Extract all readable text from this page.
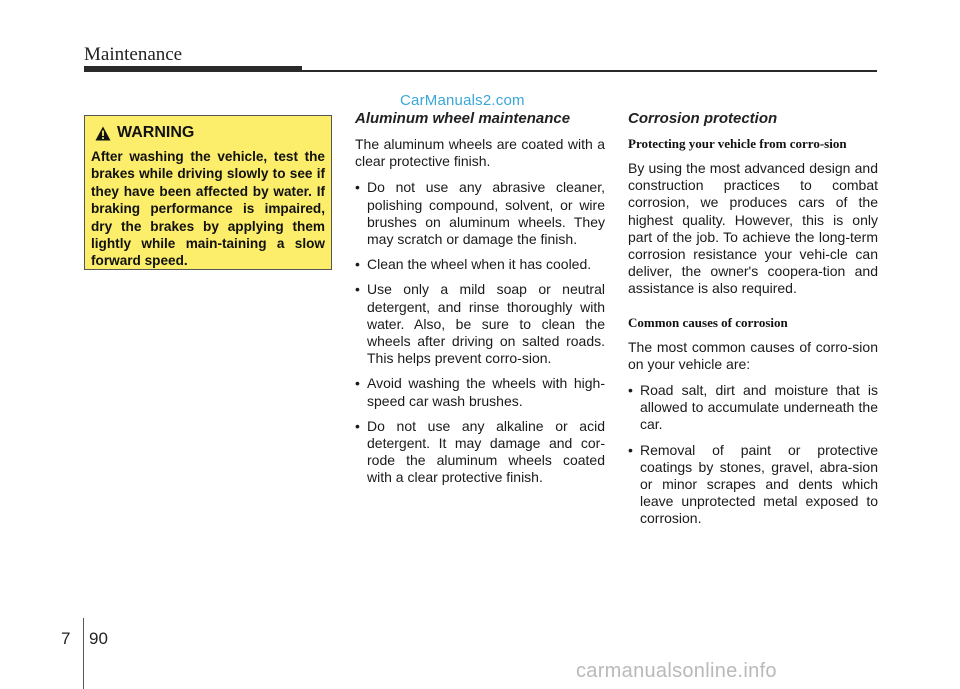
Maintenance
CarManuals2.com
WARNING
After washing the vehicle, test the brakes while driving slowly to see if they have been affected by water. If braking performance is impaired, dry the brakes by applying them lightly while main-taining a slow forward speed.
Aluminum wheel maintenance

The aluminum wheels are coated with a clear protective finish.

• Do not use any abrasive cleaner, polishing compound, solvent, or wire brushes on aluminum wheels. They may scratch or damage the finish.
• Clean the wheel when it has cooled.
• Use only a mild soap or neutral detergent, and rinse thoroughly with water. Also, be sure to clean the wheels after driving on salted roads. This helps prevent corro-sion.
• Avoid washing the wheels with high-speed car wash brushes.
• Do not use any alkaline or acid detergent. It may damage and cor-rode the aluminum wheels coated with a clear protective finish.
Corrosion protection
Protecting your vehicle from corro-sion

By using the most advanced design and construction practices to combat corrosion, we produces cars of the highest quality. However, this is only part of the job. To achieve the long-term corrosion resistance your vehi-cle can deliver, the owner's coopera-tion and assistance is also required.

Common causes of corrosion

The most common causes of corro-sion on your vehicle are:

• Road salt, dirt and moisture that is allowed to accumulate underneath the car.
• Removal of paint or protective coatings by stones, gravel, abra-sion or minor scrapes and dents which leave unprotected metal exposed to corrosion.
7 90
carmanualsonline.info
